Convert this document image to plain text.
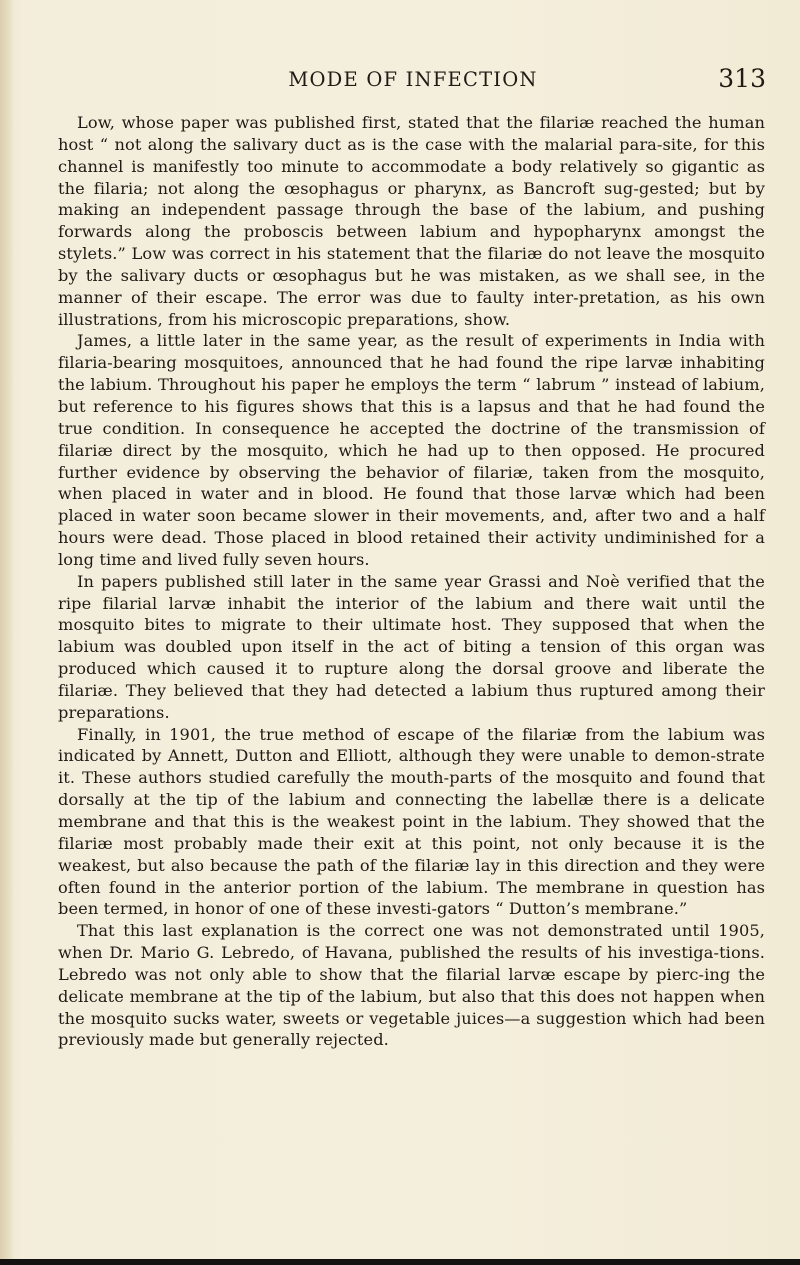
MODE OF INFECTION	313

Low, whose paper was published first, stated that the filariæ reached the human host “ not along the salivary duct as is the case with the malarial para-site, for this channel is manifestly too minute to accommodate a body relatively so gigantic as the filaria; not along the œsophagus or pharynx, as Bancroft sug-gested; but by making an independent passage through the base of the labium, and pushing forwards along the proboscis between labium and hypopharynx amongst the stylets.” Low was correct in his statement that the filariæ do not leave the mosquito by the salivary ducts or œsophagus but he was mistaken, as we shall see, in the manner of their escape. The error was due to faulty inter-pretation, as his own illustrations, from his microscopic preparations, show.

James, a little later in the same year, as the result of experiments in India with filaria-bearing mosquitoes, announced that he had found the ripe larvæ inhabiting the labium. Throughout his paper he employs the term “ labrum ” instead of labium, but reference to his figures shows that this is a lapsus and that he had found the true condition. In consequence he accepted the doctrine of the transmission of filariæ direct by the mosquito, which he had up to then opposed. He procured further evidence by observing the behavior of filariæ, taken from the mosquito, when placed in water and in blood. He found that those larvæ which had been placed in water soon became slower in their movements, and, after two and a half hours were dead. Those placed in blood retained their activity undiminished for a long time and lived fully seven hours.

In papers published still later in the same year Grassi and Noè verified that the ripe filarial larvæ inhabit the interior of the labium and there wait until the mosquito bites to migrate to their ultimate host. They supposed that when the labium was doubled upon itself in the act of biting a tension of this organ was produced which caused it to rupture along the dorsal groove and liberate the filariæ. They believed that they had detected a labium thus ruptured among their preparations.

Finally, in 1901, the true method of escape of the filariæ from the labium was indicated by Annett, Dutton and Elliott, although they were unable to demon-strate it. These authors studied carefully the mouth-parts of the mosquito and found that dorsally at the tip of the labium and connecting the labellæ there is a delicate membrane and that this is the weakest point in the labium. They showed that the filariæ most probably made their exit at this point, not only because it is the weakest, but also because the path of the filariæ lay in this direction and they were often found in the anterior portion of the labium. The membrane in question has been termed, in honor of one of these investi-gators “ Dutton’s membrane.”

That this last explanation is the correct one was not demonstrated until 1905, when Dr. Mario G. Lebredo, of Havana, published the results of his investiga-tions. Lebredo was not only able to show that the filarial larvæ escape by pierc-ing the delicate membrane at the tip of the labium, but also that this does not happen when the mosquito sucks water, sweets or vegetable juices—a suggestion which had been previously made but generally rejected.
